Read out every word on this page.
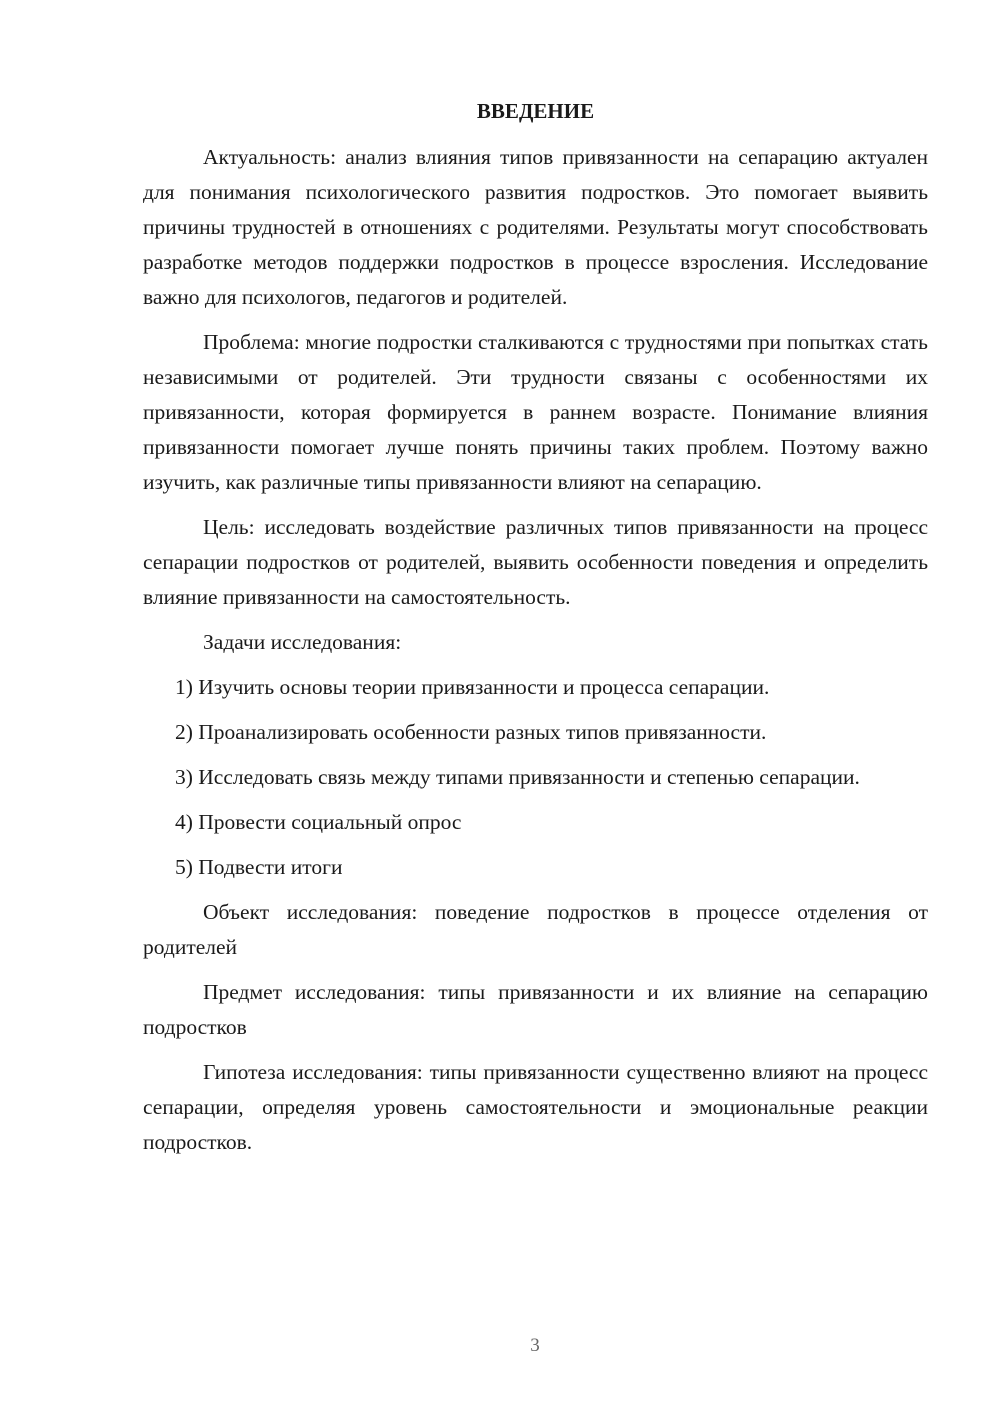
ВВЕДЕНИЕ

Актуальность: анализ влияния типов привязанности на сепарацию актуален для понимания психологического развития подростков. Это помогает выявить причины трудностей в отношениях с родителями. Результаты могут способствовать разработке методов поддержки подростков в процессе взросления. Исследование важно для психологов, педагогов и родителей.

Проблема: многие подростки сталкиваются с трудностями при попытках стать независимыми от родителей. Эти трудности связаны с особенностями их привязанности, которая формируется в раннем возрасте. Понимание влияния привязанности помогает лучше понять причины таких проблем. Поэтому важно изучить, как различные типы привязанности влияют на сепарацию.

Цель: исследовать воздействие различных типов привязанности на процесс сепарации подростков от родителей, выявить особенности поведения и определить влияние привязанности на самостоятельность.

Задачи исследования:

1) Изучить основы теории привязанности и процесса сепарации.

2) Проанализировать особенности разных типов привязанности.

3) Исследовать связь между типами привязанности и степенью сепарации.

4) Провести социальный опрос

5) Подвести итоги

Объект исследования: поведение подростков в процессе отделения от родителей

Предмет исследования: типы привязанности и их влияние на сепарацию подростков

Гипотеза исследования: типы привязанности существенно влияют на процесс сепарации, определяя уровень самостоятельности и эмоциональные реакции подростков.

3
